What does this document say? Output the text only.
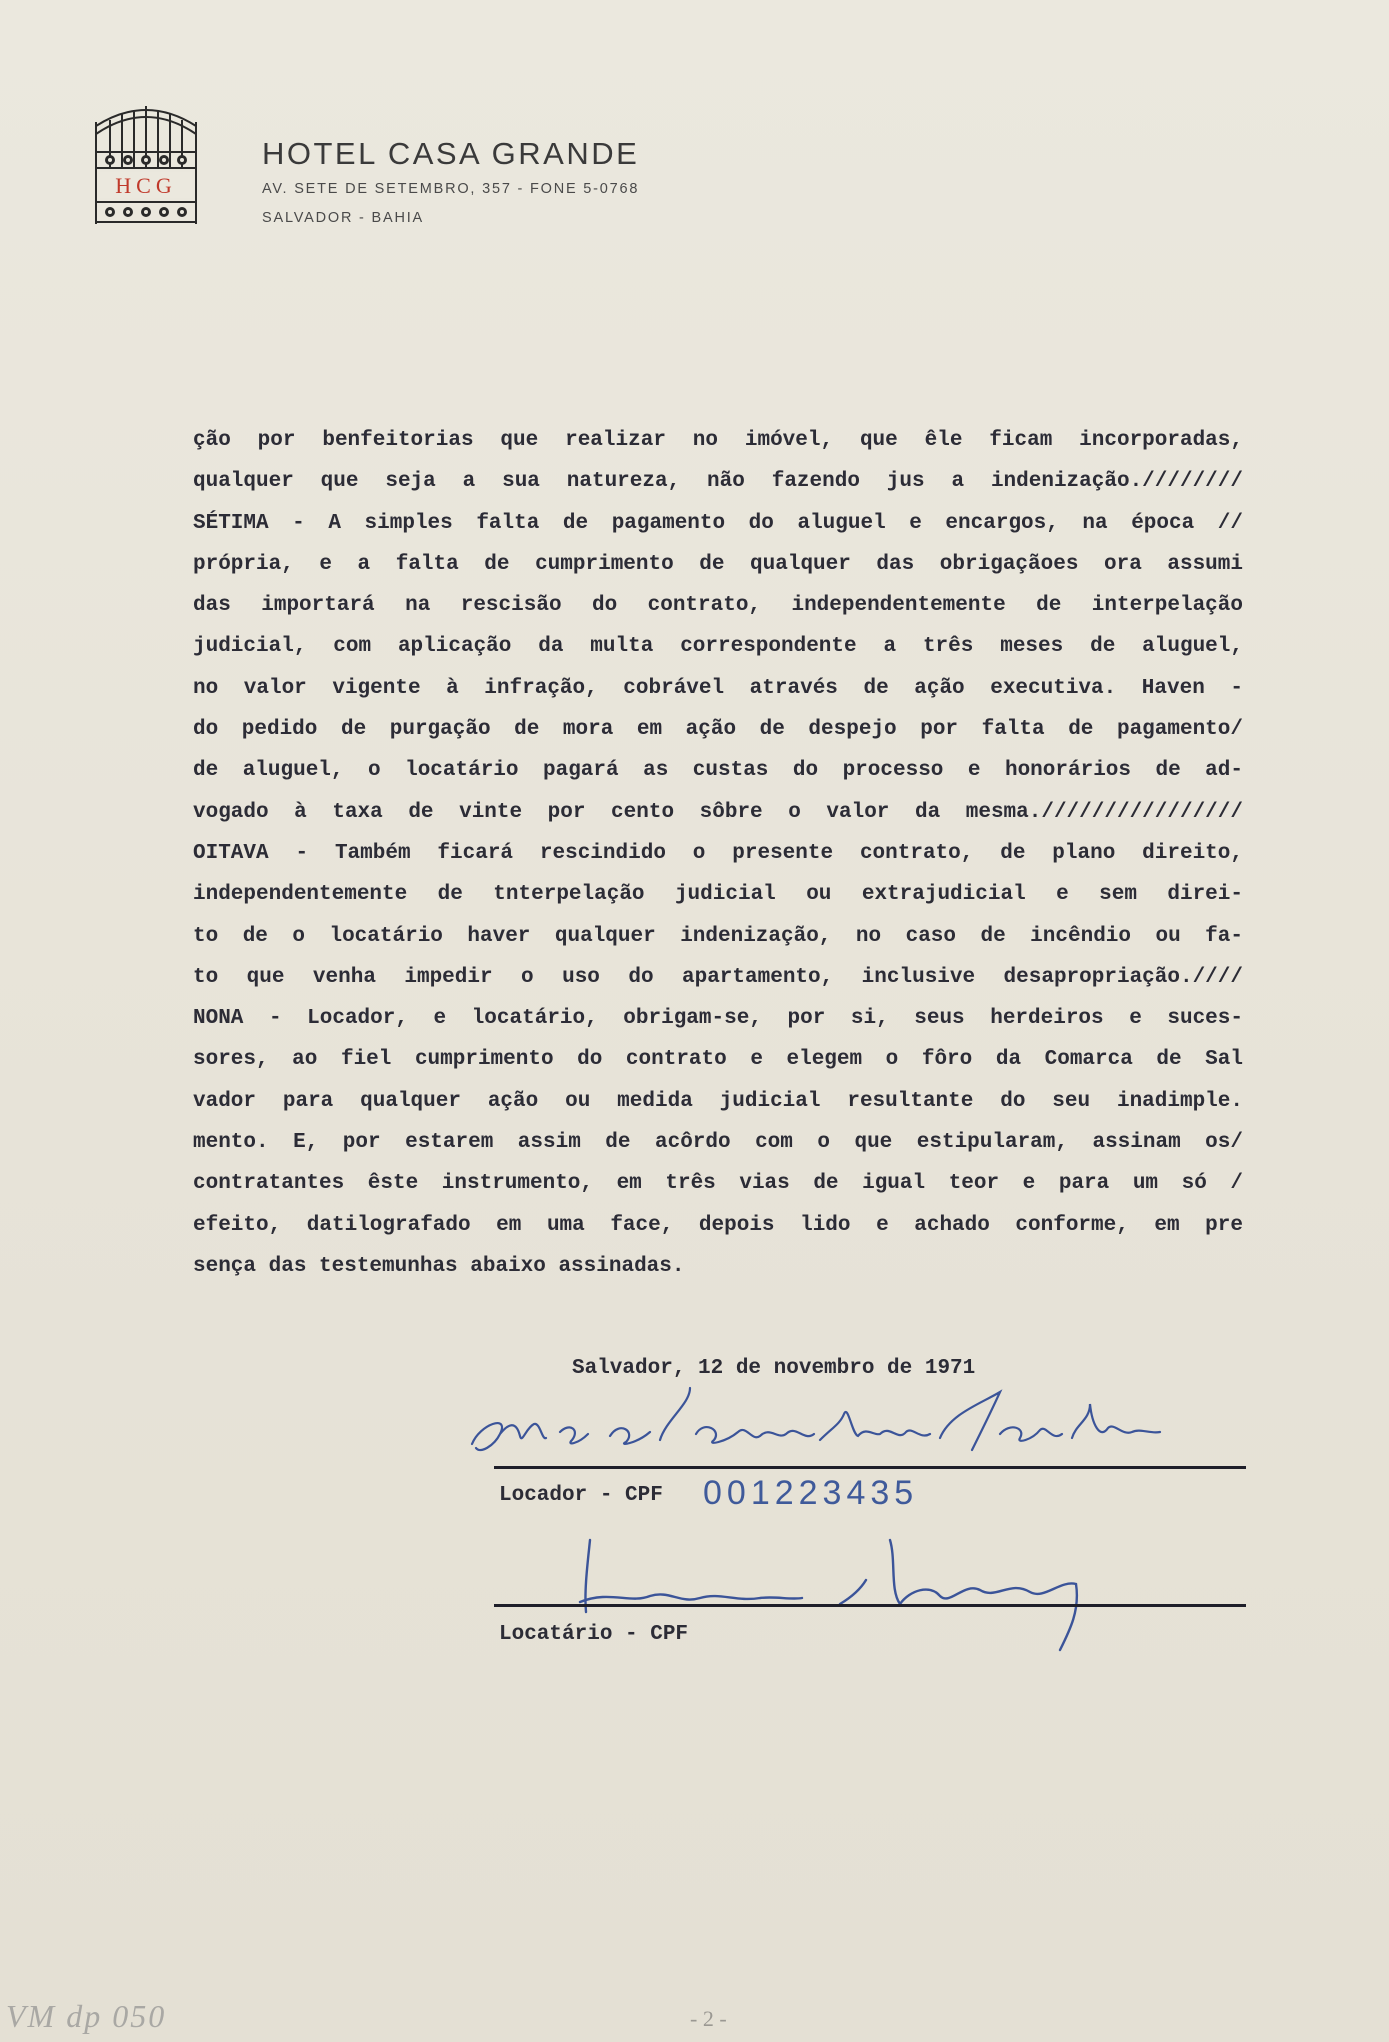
HCG
HOTEL CASA GRANDE
AV. SETE DE SETEMBRO, 357 - FONE 5-0768
SALVADOR - BAHIA
ção por benfeitorias que realizar no imóvel, que êle ficam incorporadas,
qualquer que seja a sua natureza, não fazendo jus a indenização.////////
SÉTIMA - A simples falta de pagamento do aluguel e encargos, na época //
própria, e a falta de cumprimento de qualquer das obrigaçãoes ora assumi
das importará na rescisão do contrato, independentemente de interpelação
judicial, com aplicação da multa correspondente a três meses de aluguel,
no valor vigente à infração, cobrável através de ação executiva. Haven -
do pedido de purgação de mora em ação de despejo por falta de pagamento/
de aluguel, o locatário pagará as custas do processo e honorários de ad-
vogado à taxa de vinte por cento sôbre o valor da mesma.////////////////
OITAVA - Também ficará rescindido o presente contrato, de plano direito,
independentemente de tnterpelação judicial ou extrajudicial e sem direi-
to de o locatário haver qualquer indenização, no caso de incêndio ou fa-
to que venha impedir o uso do apartamento, inclusive desapropriação.////
NONA - Locador, e locatário, obrigam-se, por si, seus herdeiros e suces-
sores, ao fiel cumprimento do contrato e elegem o fôro da Comarca de Sal
vador para qualquer ação ou medida judicial resultante do seu inadimple.
mento. E, por estarem assim de acôrdo com o que estipularam, assinam os/
contratantes êste instrumento, em três vias de igual teor e para um só /
efeito, datilografado em uma face, depois lido e achado conforme, em pre
sença das testemunhas abaixo assinadas.
Salvador, 12 de novembro de 1971
Locador - CPF 001223435
Locatário - CPF
VM dp 050	- 2 -
